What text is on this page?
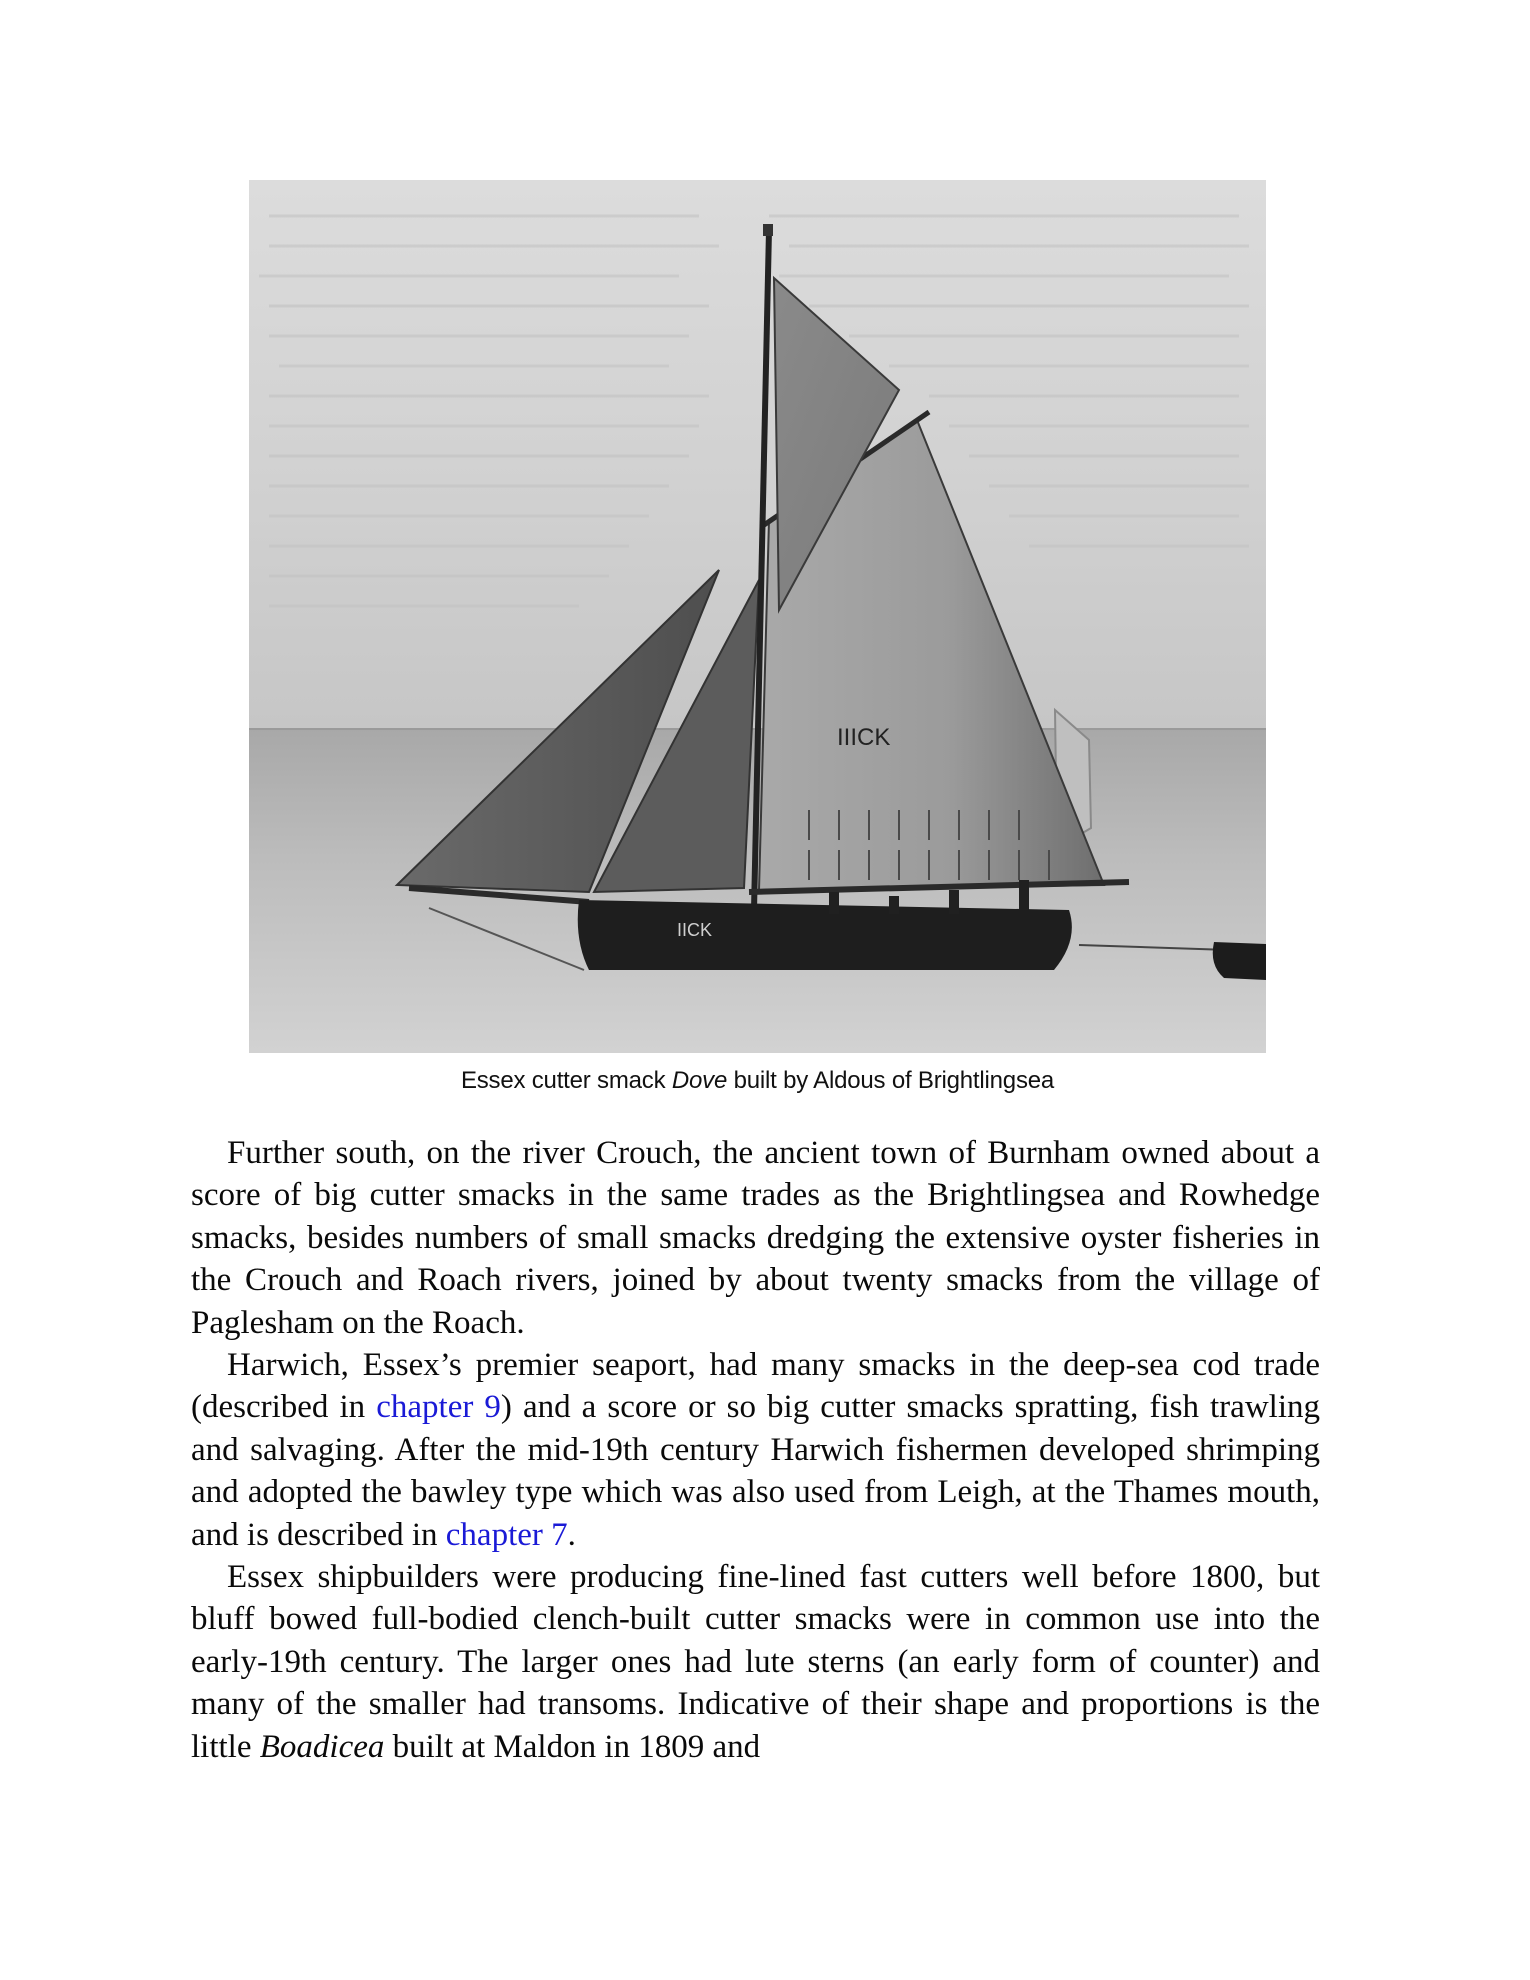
IICK
IIICK
Essex cutter smack Dove built by Aldous of Brightlingsea

Further south, on the river Crouch, the ancient town of Burnham owned about a score of big cutter smacks in the same trades as the Brightlingsea and Rowhedge smacks, besides numbers of small smacks dredging the extensive oyster fisheries in the Crouch and Roach rivers, joined by about twenty smacks from the village of Paglesham on the Roach.

Harwich, Essex’s premier seaport, had many smacks in the deep-sea cod trade (described in chapter 9) and a score or so big cutter smacks spratting, fish trawling and salvaging. After the mid-19th century Harwich fishermen developed shrimping and adopted the bawley type which was also used from Leigh, at the Thames mouth, and is described in chapter 7.

Essex shipbuilders were producing fine-lined fast cutters well before 1800, but bluff bowed full-bodied clench-built cutter smacks were in common use into the early-19th century. The larger ones had lute sterns (an early form of counter) and many of the smaller had transoms. Indicative of their shape and proportions is the little Boadicea built at Maldon in 1809 and
